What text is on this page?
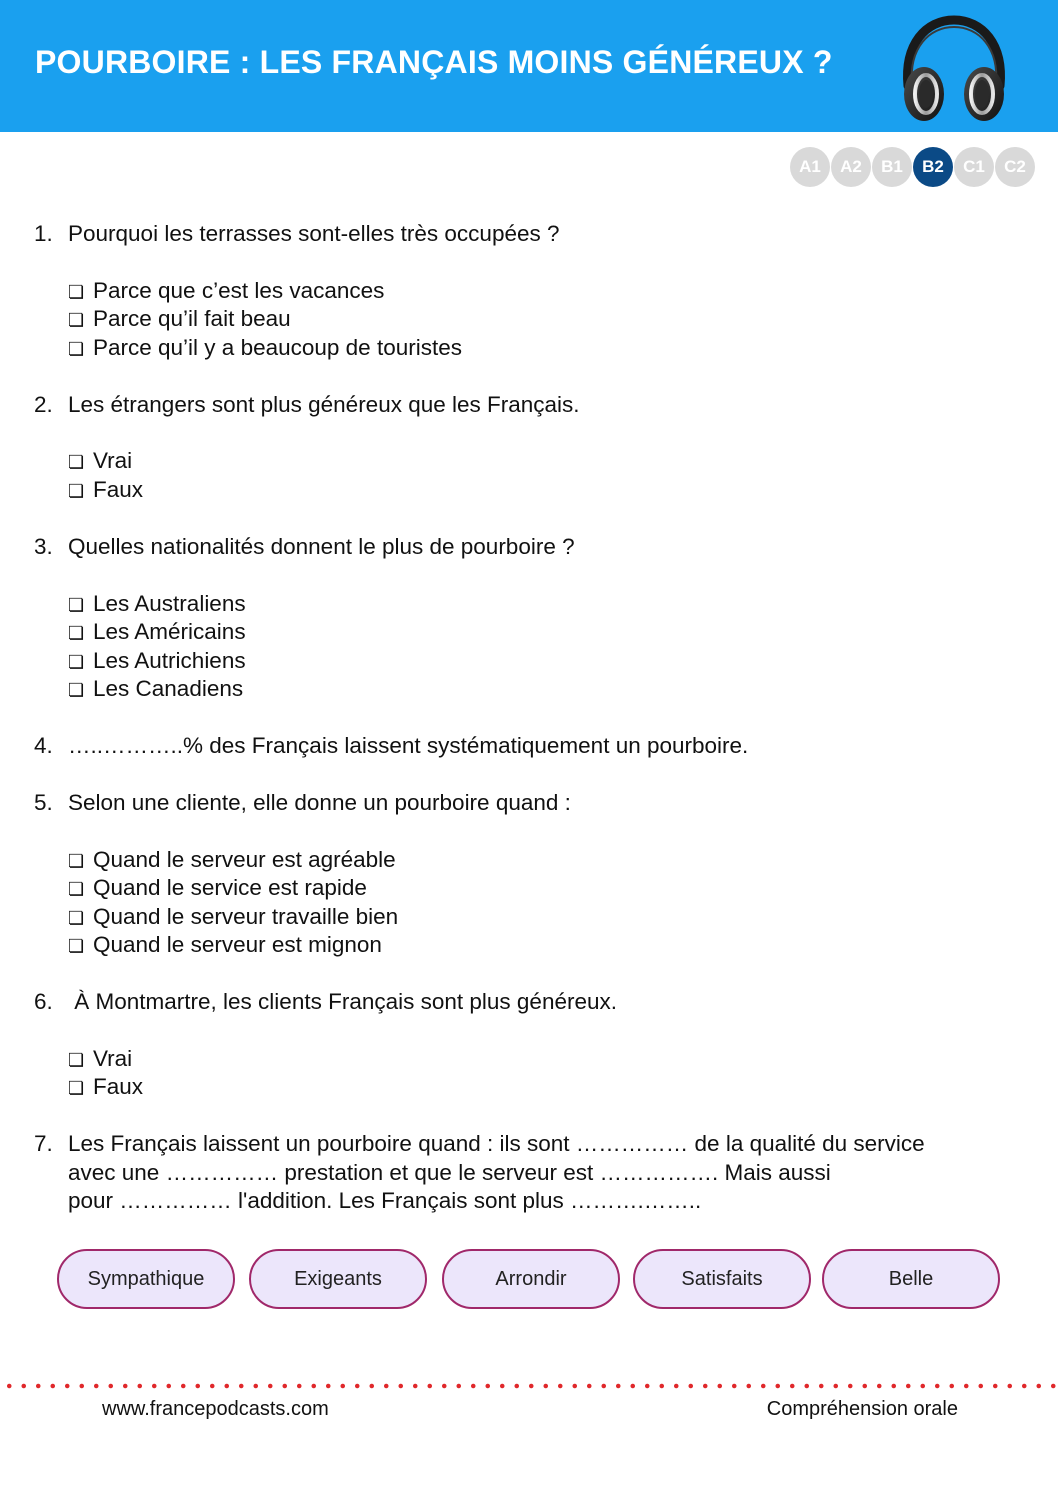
POURBOIRE : LES FRANÇAIS MOINS GÉNÉREUX ?
A1	A2	B1	B2	C1	C2
1. Pourquoi les terrasses sont-elles très occupées ?
❏ Parce que c’est les vacances
❏ Parce qu’il fait beau
❏ Parce qu’il y a beaucoup de touristes
2. Les étrangers sont plus généreux que les Français.
❏ Vrai
❏ Faux
3. Quelles nationalités donnent le plus de pourboire ?
❏ Les Australiens
❏ Les Américains
❏ Les Autrichiens
❏ Les Canadiens
4. …..………..% des Français laissent systématiquement un pourboire.
5. Selon une cliente, elle donne un pourboire quand :
❏ Quand le serveur est agréable
❏ Quand le service est rapide
❏ Quand le serveur travaille bien
❏ Quand le serveur est mignon
6. À Montmartre, les clients Français sont plus généreux.
❏ Vrai
❏ Faux
7. Les Français laissent un pourboire quand : ils sont …………… de la qualité du service
avec une …………… prestation et que le serveur est ……………. Mais aussi
pour …………… l'addition. Les Français sont plus ……….……..
Sympathique	Exigeants	Arrondir	Satisfaits	Belle
www.francepodcasts.com	Compréhension orale
